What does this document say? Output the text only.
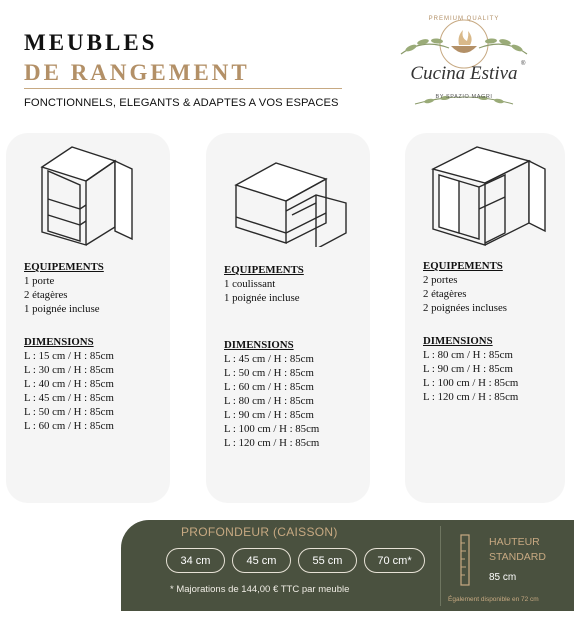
MEUBLES
DE RANGEMENT
FONCTIONNELS, ELEGANTS & ADAPTES A VOS ESPACES
PREMIUM QUALITY
Cucina Estiva ®
BY SPAZIO MAGRI
EQUIPEMENTS
1 porte
2 étagères
1 poignée incluse
DIMENSIONS
L : 15 cm / H : 85cm
L : 30 cm / H : 85cm
L : 40 cm / H : 85cm
L : 45 cm / H : 85cm
L : 50 cm / H : 85cm
L : 60 cm / H : 85cm
EQUIPEMENTS
1 coulissant
1 poignée incluse
DIMENSIONS
L : 45 cm / H : 85cm
L : 50 cm / H : 85cm
L : 60 cm / H : 85cm
L : 80 cm / H : 85cm
L : 90 cm / H : 85cm
L : 100 cm / H : 85cm
L : 120 cm / H : 85cm
EQUIPEMENTS
2 portes
2 étagères
2 poignées incluses
DIMENSIONS
L : 80 cm / H : 85cm
L : 90 cm / H : 85cm
L : 100 cm / H : 85cm
L : 120 cm / H : 85cm
PROFONDEUR (CAISSON)
34 cm	45 cm	55 cm	70 cm*
* Majorations de 144,00 € TTC par meuble
HAUTEUR
STANDARD
85 cm
Également disponible en 72 cm
